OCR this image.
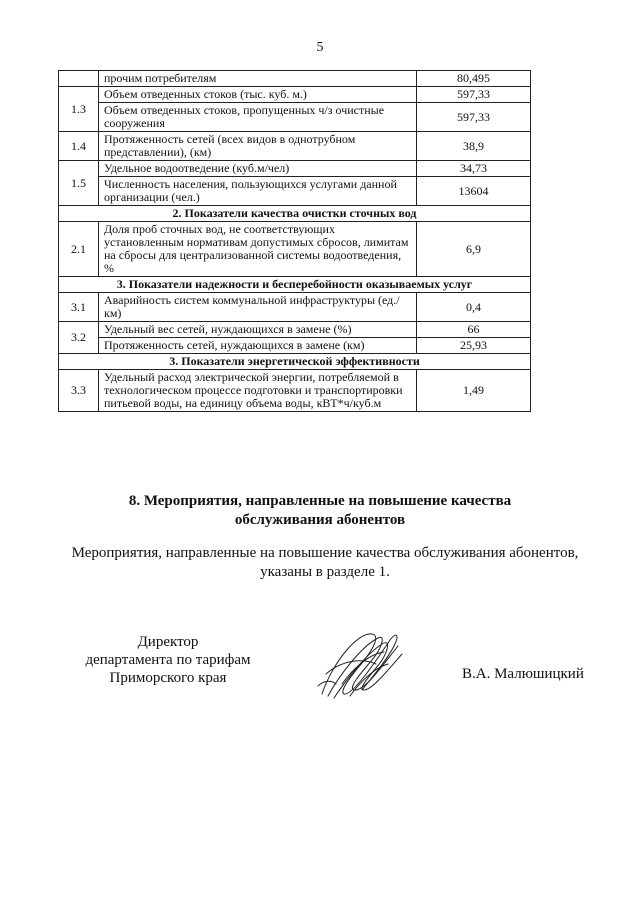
5
	прочим потребителям	80,495
1.3	Объем отведенных стоков (тыс. куб. м.)	597,33
	Объем отведенных стоков, пропущенных ч/з очистные сооружения	597,33
1.4	Протяженность сетей (всех видов в однотрубном представлении), (км)	38,9
1.5	Удельное водоотведение (куб.м/чел)	34,73
	Численность населения, пользующихся услугами данной организации (чел.)	13604
2. Показатели качества очистки сточных вод		
2.1	Доля проб сточных вод, не соответствующих установленным нормативам допустимых сбросов, лимитам на сбросы для централизованной системы водоотведения, %	6,9
3. Показатели надежности и бесперебойности оказываемых услуг		
3.1	Аварийность систем коммунальной инфраструктуры (ед./км)	0,4
3.2	Удельный вес сетей, нуждающихся в замене (%)	66
	Протяженность сетей, нуждающихся в замене (км)	25,93
3. Показатели энергетической эффективности		
3.3	Удельный расход электрической энергии, потребляемой в технологическом процессе подготовки и транспортировки питьевой воды, на единицу объема воды, кВТ*ч/куб.м	1,49
8. Мероприятия, направленные на повышение качества
обслуживания абонентов
Мероприятия, направленные на повышение качества обслуживания абонентов, указаны в разделе 1.
Директор
департамента по тарифам
Приморского края	В.А. Малюшицкий
